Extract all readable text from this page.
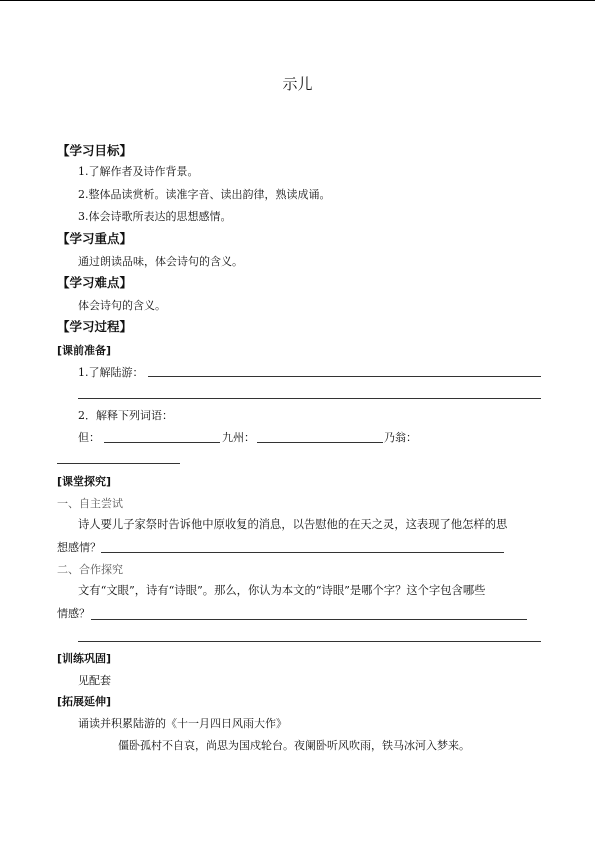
示儿
【学习目标】
1.了解作者及诗作背景。
2.整体品读赏析。读准字音、读出韵律，熟读成诵。
3.体会诗歌所表达的思想感情。
【学习重点】
通过朗读品味，体会诗句的含义。
【学习难点】
体会诗句的含义。
【学习过程】
[课前准备]
1.了解陆游：
2．解释下列词语：
但：	九州：	乃翁：
[课堂探究]
一、自主尝试
诗人要儿子家祭时告诉他中原收复的消息，以告慰他的在天之灵，这表现了他怎样的思
想感情？
二、合作探究
文有“文眼”，诗有“诗眼”。那么，你认为本文的“诗眼”是哪个字？这个字包含哪些
情感？
[训练巩固]
见配套
[拓展延伸]
诵读并积累陆游的《十一月四日风雨大作》
僵卧孤村不自哀，尚思为国戍轮台。夜阑卧听风吹雨，铁马冰河入梦来。
